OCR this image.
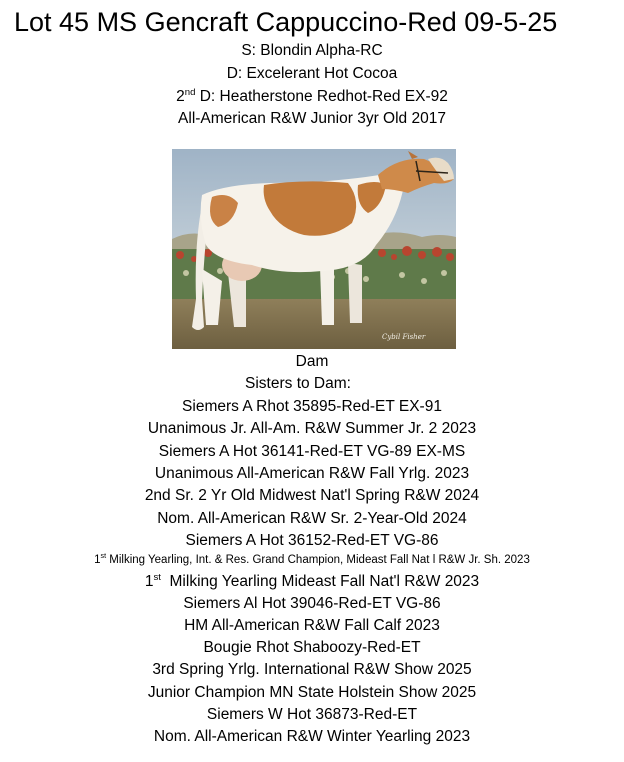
Lot 45 MS Gencraft Cappuccino-Red 09-5-25

S: Blondin Alpha-RC

D: Excelerant Hot Cocoa

2nd D: Heatherstone Redhot-Red EX-92

All-American R&W Junior 3yr Old 2017

Cybil Fisher

Dam

Sisters to Dam:

Siemers A Rhot 35895-Red-ET EX-91

Unanimous Jr. All-Am. R&W Summer Jr. 2 2023

Siemers A Hot 36141-Red-ET VG-89 EX-MS

Unanimous All-American R&W Fall Yrlg. 2023

2nd Sr. 2 Yr Old Midwest Nat'l Spring R&W 2024

Nom. All-American R&W Sr. 2-Year-Old 2024

Siemers A Hot 36152-Red-ET VG-86

1st Milking Yearling, Int. & Res. Grand Champion, Mideast Fall Nat l R&W Jr. Sh. 2023

1st  Milking Yearling Mideast Fall Nat'l R&W 2023

Siemers Al Hot 39046-Red-ET VG-86

HM All-American R&W Fall Calf 2023

Bougie Rhot Shaboozy-Red-ET

3rd Spring Yrlg. International R&W Show 2025

Junior Champion MN State Holstein Show 2025

Siemers W Hot 36873-Red-ET

Nom. All-American R&W Winter Yearling 2023
